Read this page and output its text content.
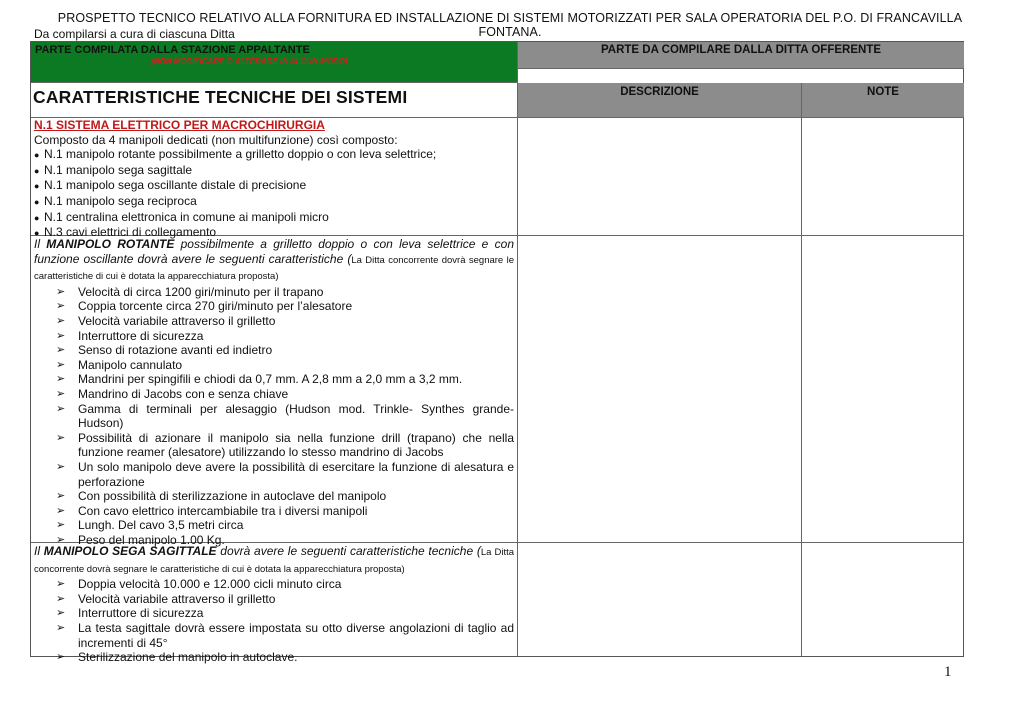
PROSPETTO TECNICO RELATIVO ALLA FORNITURA ED INSTALLAZIONE DI SISTEMI MOTORIZZATI PER SALA OPERATORIA DEL P.O. DI FRANCAVILLA FONTANA.
Da compilarsi a cura di ciascuna Ditta
PARTE COMPILATA DALLA STAZIONE APPALTANTE
(NON MODIFICARE O ALTERARE IN ALCUN MODO)
PARTE DA COMPILARE DALLA DITTA OFFERENTE
DESCRIZIONE	NOTE
CARATTERISTICHE TECNICHE DEI SISTEMI
N.1 SISTEMA ELETTRICO PER MACROCHIRURGIA
Composto da 4 manipoli dedicati (non multifunzione) così composto:
● N.1 manipolo rotante possibilmente a grilletto doppio o con leva selettrice;
● N.1 manipolo sega sagittale
● N.1 manipolo sega oscillante distale di precisione
● N.1 manipolo sega reciproca
● N.1 centralina elettronica in comune ai manipoli micro
● N.3 cavi elettrici di collegamento
Il MANIPOLO ROTANTE possibilmente a grilletto doppio o con leva selettrice e con funzione oscillante dovrà avere le seguenti caratteristiche (La Ditta concorrente dovrà segnare le caratteristiche di cui è dotata la apparecchiatura proposta)
➢ Velocità di circa 1200 giri/minuto per il trapano
➢ Coppia torcente circa 270 giri/minuto per l’alesatore
➢ Velocità variabile attraverso il grilletto
➢ Interruttore di sicurezza
➢ Senso di rotazione avanti ed indietro
➢ Manipolo cannulato
➢ Mandrini per spingifili e chiodi da 0,7 mm. A 2,8 mm a 2,0 mm a 3,2 mm.
➢ Mandrino di Jacobs con e senza chiave
➢ Gamma di terminali per alesaggio (Hudson mod. Trinkle- Synthes grande-Hudson)
➢ Possibilità di azionare il manipolo sia nella funzione drill (trapano) che nella funzione reamer (alesatore) utilizzando lo stesso mandrino di Jacobs
➢ Un solo manipolo deve avere la possibilità di esercitare la funzione di alesatura e perforazione
➢ Con possibilità di sterilizzazione in autoclave del manipolo
➢ Con cavo elettrico intercambiabile tra i diversi manipoli
➢ Lungh. Del cavo 3,5 metri circa
➢ Peso del manipolo 1.00 Kg.
Il MANIPOLO SEGA SAGITTALE dovrà avere le seguenti caratteristiche tecniche (La Ditta concorrente dovrà segnare le caratteristiche di cui è dotata la apparecchiatura proposta)
➢ Doppia velocità 10.000 e 12.000 cicli minuto circa
➢ Velocità variabile attraverso il grilletto
➢ Interruttore di sicurezza
➢ La testa sagittale dovrà essere impostata su otto diverse angolazioni di taglio ad incrementi di 45°
➢ Sterilizzazione del manipolo in autoclave.
1
